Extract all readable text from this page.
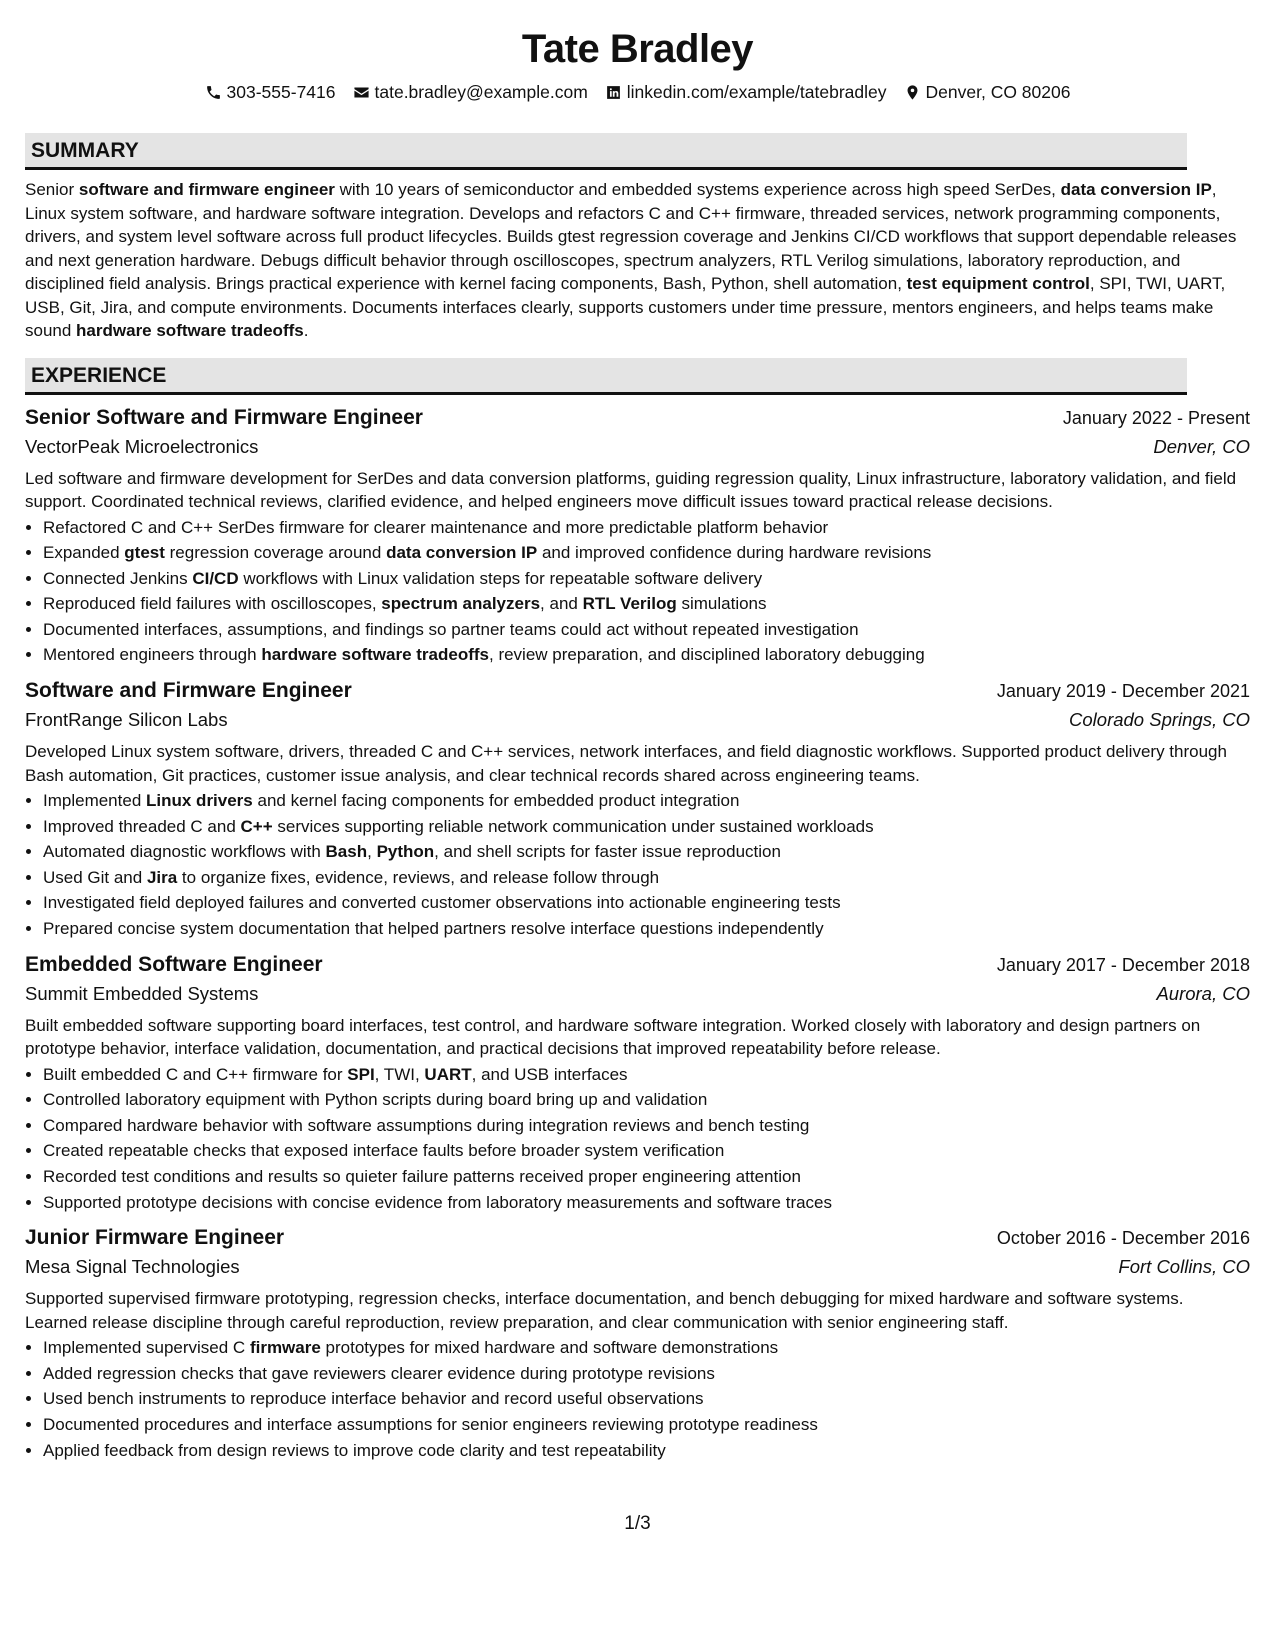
Tate Bradley
303-555-7416 tate.bradley@example.com linkedin.com/example/tatebradley Denver, CO 80206
SUMMARY
Senior software and firmware engineer with 10 years of semiconductor and embedded systems experience across high speed SerDes, data conversion IP, Linux system software, and hardware software integration. Develops and refactors C and C++ firmware, threaded services, network programming components, drivers, and system level software across full product lifecycles. Builds gtest regression coverage and Jenkins CI/CD workflows that support dependable releases and next generation hardware. Debugs difficult behavior through oscilloscopes, spectrum analyzers, RTL Verilog simulations, laboratory reproduction, and disciplined field analysis. Brings practical experience with kernel facing components, Bash, Python, shell automation, test equipment control, SPI, TWI, UART, USB, Git, Jira, and compute environments. Documents interfaces clearly, supports customers under time pressure, mentors engineers, and helps teams make sound hardware software tradeoffs.
EXPERIENCE
Senior Software and Firmware Engineer	January 2022 - Present
VectorPeak Microelectronics	Denver, CO
Led software and firmware development for SerDes and data conversion platforms, guiding regression quality, Linux infrastructure, laboratory validation, and field support. Coordinated technical reviews, clarified evidence, and helped engineers move difficult issues toward practical release decisions.
• Refactored C and C++ SerDes firmware for clearer maintenance and more predictable platform behavior
• Expanded gtest regression coverage around data conversion IP and improved confidence during hardware revisions
• Connected Jenkins CI/CD workflows with Linux validation steps for repeatable software delivery
• Reproduced field failures with oscilloscopes, spectrum analyzers, and RTL Verilog simulations
• Documented interfaces, assumptions, and findings so partner teams could act without repeated investigation
• Mentored engineers through hardware software tradeoffs, review preparation, and disciplined laboratory debugging
Software and Firmware Engineer	January 2019 - December 2021
FrontRange Silicon Labs	Colorado Springs, CO
Developed Linux system software, drivers, threaded C and C++ services, network interfaces, and field diagnostic workflows. Supported product delivery through Bash automation, Git practices, customer issue analysis, and clear technical records shared across engineering teams.
• Implemented Linux drivers and kernel facing components for embedded product integration
• Improved threaded C and C++ services supporting reliable network communication under sustained workloads
• Automated diagnostic workflows with Bash, Python, and shell scripts for faster issue reproduction
• Used Git and Jira to organize fixes, evidence, reviews, and release follow through
• Investigated field deployed failures and converted customer observations into actionable engineering tests
• Prepared concise system documentation that helped partners resolve interface questions independently
Embedded Software Engineer	January 2017 - December 2018
Summit Embedded Systems	Aurora, CO
Built embedded software supporting board interfaces, test control, and hardware software integration. Worked closely with laboratory and design partners on prototype behavior, interface validation, documentation, and practical decisions that improved repeatability before release.
• Built embedded C and C++ firmware for SPI, TWI, UART, and USB interfaces
• Controlled laboratory equipment with Python scripts during board bring up and validation
• Compared hardware behavior with software assumptions during integration reviews and bench testing
• Created repeatable checks that exposed interface faults before broader system verification
• Recorded test conditions and results so quieter failure patterns received proper engineering attention
• Supported prototype decisions with concise evidence from laboratory measurements and software traces
Junior Firmware Engineer	October 2016 - December 2016
Mesa Signal Technologies	Fort Collins, CO
Supported supervised firmware prototyping, regression checks, interface documentation, and bench debugging for mixed hardware and software systems. Learned release discipline through careful reproduction, review preparation, and clear communication with senior engineering staff.
• Implemented supervised C firmware prototypes for mixed hardware and software demonstrations
• Added regression checks that gave reviewers clearer evidence during prototype revisions
• Used bench instruments to reproduce interface behavior and record useful observations
• Documented procedures and interface assumptions for senior engineers reviewing prototype readiness
• Applied feedback from design reviews to improve code clarity and test repeatability
1/3
